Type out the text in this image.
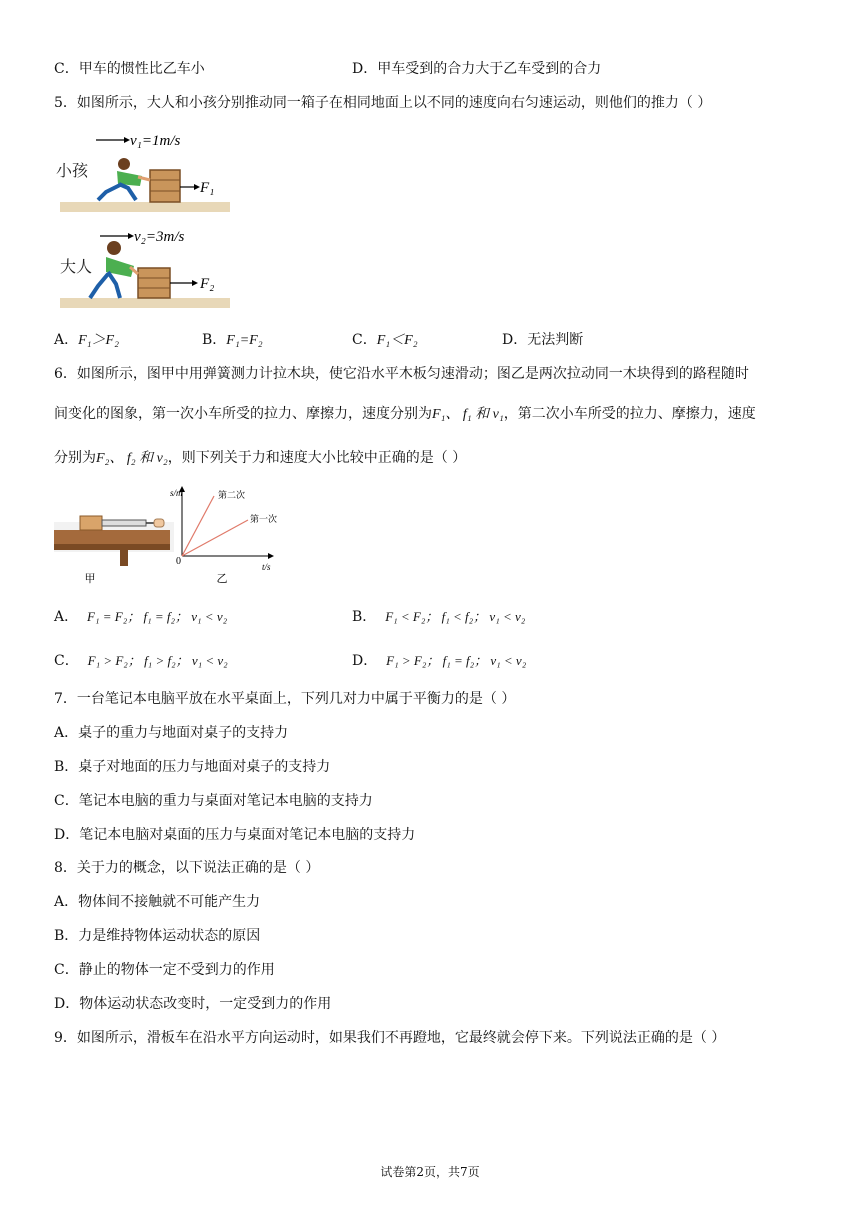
C．甲车的惯性比乙车小	D．甲车受到的合力大于乙车受到的合力
5．如图所示，大人和小孩分别推动同一箱子在相同地面上以不同的速度向右匀速运动，则他们的推力（ ）
小孩
v₁=1m/s
F₁
大人
v₂=3m/s
F₂
A．F₁＞F₂	B．F₁=F₂	C．F₁＜F₂	D．无法判断
6．如图所示，图甲中用弹簧测力计拉木块，使它沿水平木板匀速滑动；图乙是两次拉动同一木块得到的路程随时
间变化的图象，第一次小车所受的拉力、摩擦力，速度分别为F₁、 f₁ 和 v₁，第二次小车所受的拉力、摩擦力，速度
分别为F₂、 f₂ 和 v₂，则下列关于力和速度大小比较中正确的是（ ）
甲
s/m
t/s
0
第二次
第一次
乙
A． F₁ = F₂； f₁ = f₂； v₁ < v₂	B． F₁ < F₂； f₁ < f₂； v₁ < v₂
C． F₁ > F₂； f₁ > f₂； v₁ < v₂	D． F₁ > F₂； f₁ = f₂； v₁ < v₂
7．一台笔记本电脑平放在水平桌面上，下列几对力中属于平衡力的是（ ）
A．桌子的重力与地面对桌子的支持力
B．桌子对地面的压力与地面对桌子的支持力
C．笔记本电脑的重力与桌面对笔记本电脑的支持力
D．笔记本电脑对桌面的压力与桌面对笔记本电脑的支持力
8．关于力的概念，以下说法正确的是（ ）
A．物体间不接触就不可能产生力
B．力是维持物体运动状态的原因
C．静止的物体一定不受到力的作用
D．物体运动状态改变时，一定受到力的作用
9．如图所示，滑板车在沿水平方向运动时，如果我们不再蹬地，它最终就会停下来。下列说法正确的是（ ）
试卷第2页，共7页
